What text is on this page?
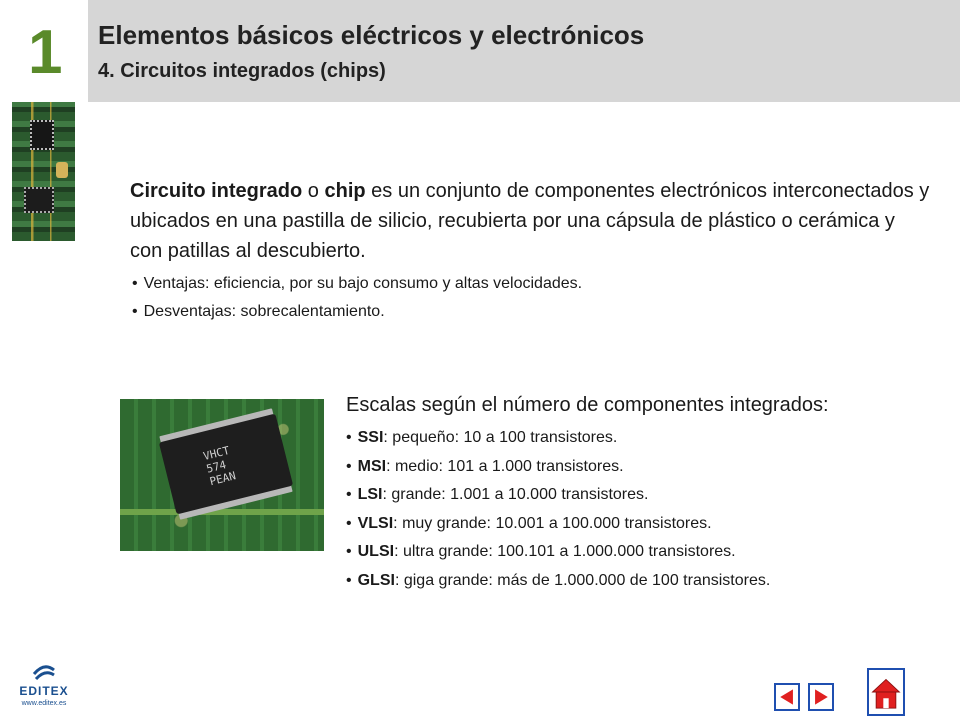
1 Elementos básicos eléctricos y electrónicos
4. Circuitos integrados (chips)

Circuito integrado o chip es un conjunto de componentes electrónicos interconectados y ubicados en una pastilla de silicio, recubierta por una cápsula de plástico o cerámica y con patillas al descubierto.

• Ventajas: eficiencia, por su bajo consumo y altas velocidades.
• Desventajas: sobrecalentamiento.
VHCT
574
PEAN
Escalas según el número de componentes integrados:
• SSI: pequeño: 10 a 100 transistores.
• MSI: medio: 101 a 1.000 transistores.
• LSI: grande: 1.001 a 10.000 transistores.
• VLSI: muy grande: 10.001 a 100.000 transistores.
• ULSI: ultra grande: 100.101 a 1.000.000 transistores.
• GLSI: giga grande: más de 1.000.000 de 100 transistores.
EDITEX
www.editex.es
